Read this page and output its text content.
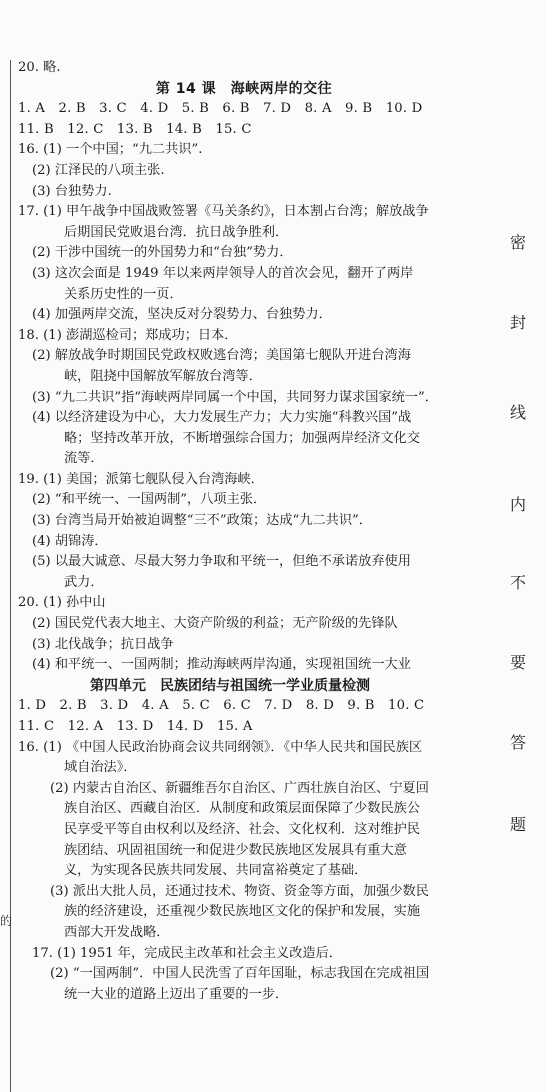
的
20. 略.
第 14 课　海峡两岸的交往
1. A　2. B　3. C　4. D　5. B　6. B　7. D　8. A　9. B　10. D
11. B　12. C　13. B　14. B　15. C
16. (1) 一个中国；“九二共识”.
(2) 江泽民的八项主张.
(3) 台独势力.
17. (1) 甲午战争中国战败签署《马关条约》，日本割占台湾；解放战争
后期国民党败退台湾．抗日战争胜利．
(2) 干涉中国统一的外国势力和“台独”势力．
(3) 这次会面是 1949 年以来两岸领导人的首次会见，翻开了两岸
关系历史性的一页．
(4) 加强两岸交流，坚决反对分裂势力、台独势力．
18. (1) 澎湖巡检司；郑成功；日本．
(2) 解放战争时期国民党政权败逃台湾；美国第七舰队开进台湾海
峡，阻挠中国解放军解放台湾等．
(3) “九二共识”指“海峡两岸同属一个中国，共同努力谋求国家统一”．
(4) 以经济建设为中心，大力发展生产力；大力实施“科教兴国”战
略；坚持改革开放，不断增强综合国力；加强两岸经济文化交
流等．
19. (1) 美国；派第七舰队侵入台湾海峡．
(2) “和平统一、一国两制”，八项主张．
(3) 台湾当局开始被迫调整“三不”政策；达成“九二共识”．
(4) 胡锦涛．
(5) 以最大诚意、尽最大努力争取和平统一，但绝不承诺放弃使用
武力．
20. (1) 孙中山
(2) 国民党代表大地主、大资产阶级的利益；无产阶级的先锋队
(3) 北伐战争；抗日战争
(4) 和平统一、一国两制；推动海峡两岸沟通，实现祖国统一大业
第四单元　民族团结与祖国统一学业质量检测
1. D　2. B　3. D　4. A　5. C　6. C　7. D　8. D　9. B　10. C
11. C　12. A　13. D　14. D　15. A
16. (1) 《中国人民政治协商会议共同纲领》．《中华人民共和国民族区
域自治法》．
(2) 内蒙古自治区、新疆维吾尔自治区、广西壮族自治区、宁夏回
族自治区、西藏自治区．从制度和政策层面保障了少数民族公
民享受平等自由权利以及经济、社会、文化权利．这对维护民
族团结、巩固祖国统一和促进少数民族地区发展具有重大意
义，为实现各民族共同发展、共同富裕奠定了基础．
(3) 派出大批人员，还通过技术、物资、资金等方面，加强少数民
族的经济建设，还重视少数民族地区文化的保护和发展，实施
西部大开发战略．
17. (1) 1951 年，完成民主改革和社会主义改造后．
(2) “一国两制”．中国人民洗雪了百年国耻，标志我国在完成祖国
统一大业的道路上迈出了重要的一步．
密
封
线
内
不
要
答
题
